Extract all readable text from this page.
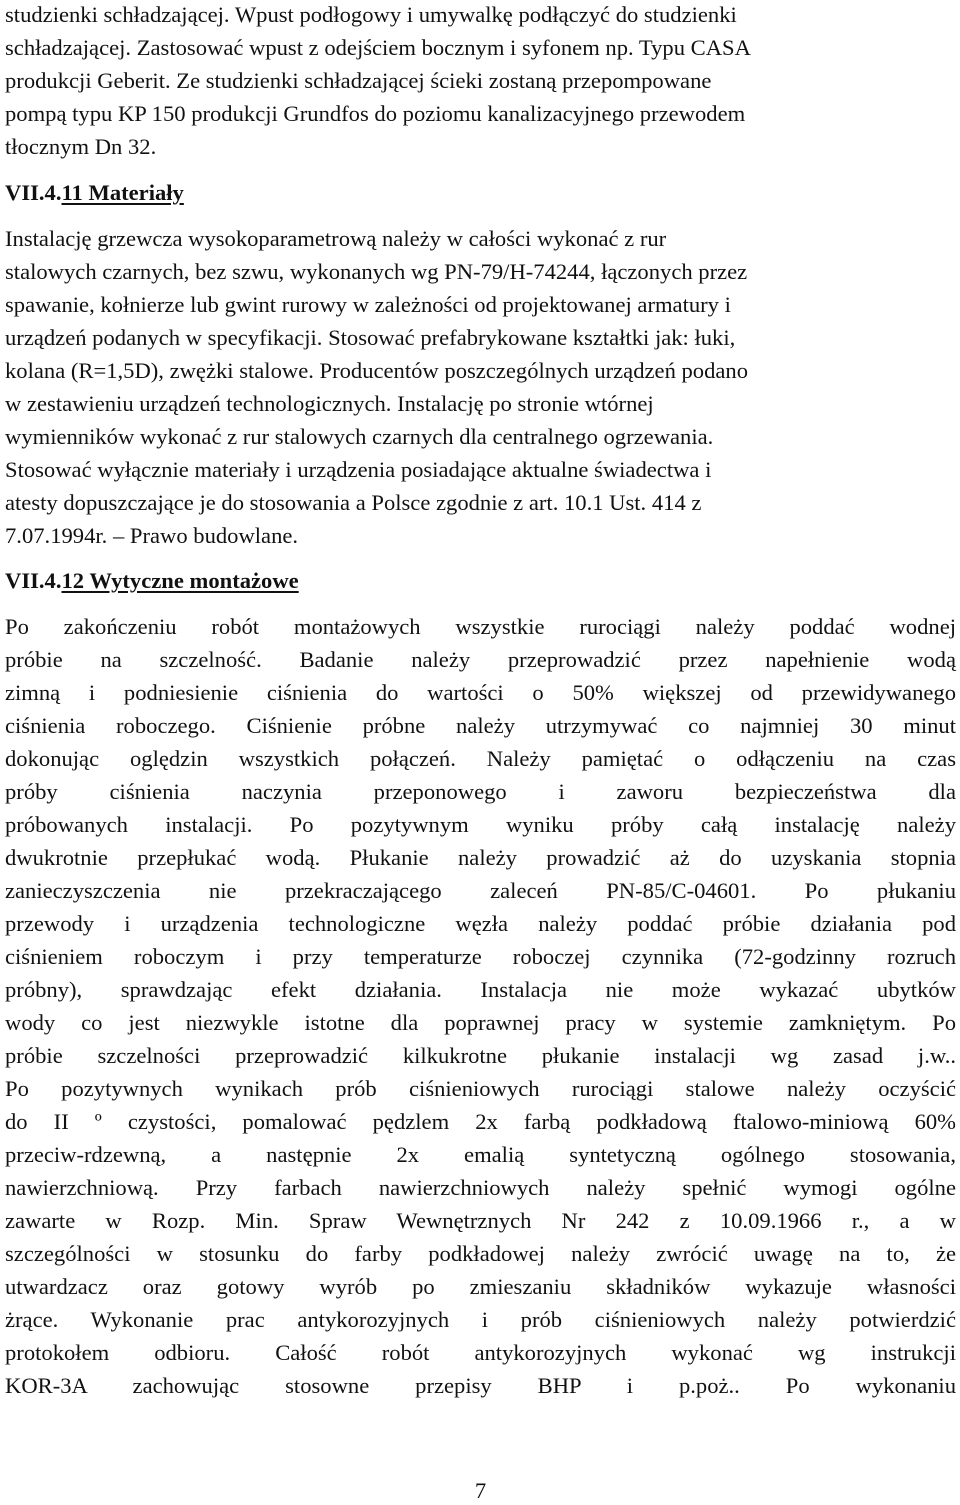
studzienki schładzającej. Wpust podłogowy i umywalkę podłączyć do studzienki
schładzającej. Zastosować wpust z odejściem bocznym i syfonem np. Typu CASA
produkcji Geberit. Ze studzienki schładzającej ścieki zostaną przepompowane
pompą typu KP 150 produkcji Grundfos do poziomu kanalizacyjnego przewodem
tłocznym Dn 32.
VII.4.11 Materiały
Instalację grzewcza wysokoparametrową należy w całości wykonać z rur
stalowych czarnych, bez szwu, wykonanych wg PN-79/H-74244, łączonych przez
spawanie, kołnierze lub gwint rurowy w zależności od projektowanej armatury i
urządzeń podanych w specyfikacji. Stosować prefabrykowane kształtki jak: łuki,
kolana (R=1,5D), zwężki stalowe. Producentów poszczególnych urządzeń podano
w zestawieniu urządzeń technologicznych. Instalację po stronie wtórnej
wymienników wykonać z rur stalowych czarnych dla centralnego ogrzewania.
Stosować wyłącznie materiały i urządzenia posiadające aktualne świadectwa i
atesty dopuszczające je do stosowania a Polsce zgodnie z art. 10.1 Ust. 414 z
7.07.1994r. – Prawo budowlane.
VII.4.12 Wytyczne montażowe
Po zakończeniu robót montażowych wszystkie rurociągi należy poddać wodnej
próbie na szczelność. Badanie należy przeprowadzić przez napełnienie wodą
zimną i podniesienie ciśnienia do wartości o 50% większej od przewidywanego
ciśnienia roboczego. Ciśnienie próbne należy utrzymywać co najmniej 30 minut
dokonując oględzin wszystkich połączeń. Należy pamiętać o odłączeniu na czas
próby ciśnienia naczynia przeponowego i zaworu bezpieczeństwa dla
próbowanych instalacji. Po pozytywnym wyniku próby całą instalację należy
dwukrotnie przepłukać wodą. Płukanie należy prowadzić aż do uzyskania stopnia
zanieczyszczenia nie przekraczającego zaleceń PN-85/C-04601. Po płukaniu
przewody i urządzenia technologiczne węzła należy poddać próbie działania pod
ciśnieniem roboczym i przy temperaturze roboczej czynnika (72-godzinny rozruch
próbny), sprawdzając efekt działania. Instalacja nie może wykazać ubytków
wody co jest niezwykle istotne dla poprawnej pracy w systemie zamkniętym. Po
próbie szczelności przeprowadzić kilkukrotne płukanie instalacji wg zasad j.w..
Po pozytywnych wynikach prób ciśnieniowych rurociągi stalowe należy oczyścić
do II º czystości, pomalować pędzlem 2x farbą podkładową ftalowo-miniową 60%
przeciw-rdzewną, a następnie 2x emalią syntetyczną ogólnego stosowania,
nawierzchniową. Przy farbach nawierzchniowych należy spełnić wymogi ogólne
zawarte w Rozp. Min. Spraw Wewnętrznych Nr 242 z 10.09.1966 r., a w
szczególności w stosunku do farby podkładowej należy zwrócić uwagę na to, że
utwardzacz oraz gotowy wyrób po zmieszaniu składników wykazuje własności
żrące. Wykonanie prac antykorozyjnych i prób ciśnieniowych należy potwierdzić
protokołem odbioru. Całość robót antykorozyjnych wykonać wg instrukcji
KOR-3A zachowując stosowne przepisy BHP i p.poż.. Po wykonaniu
7
